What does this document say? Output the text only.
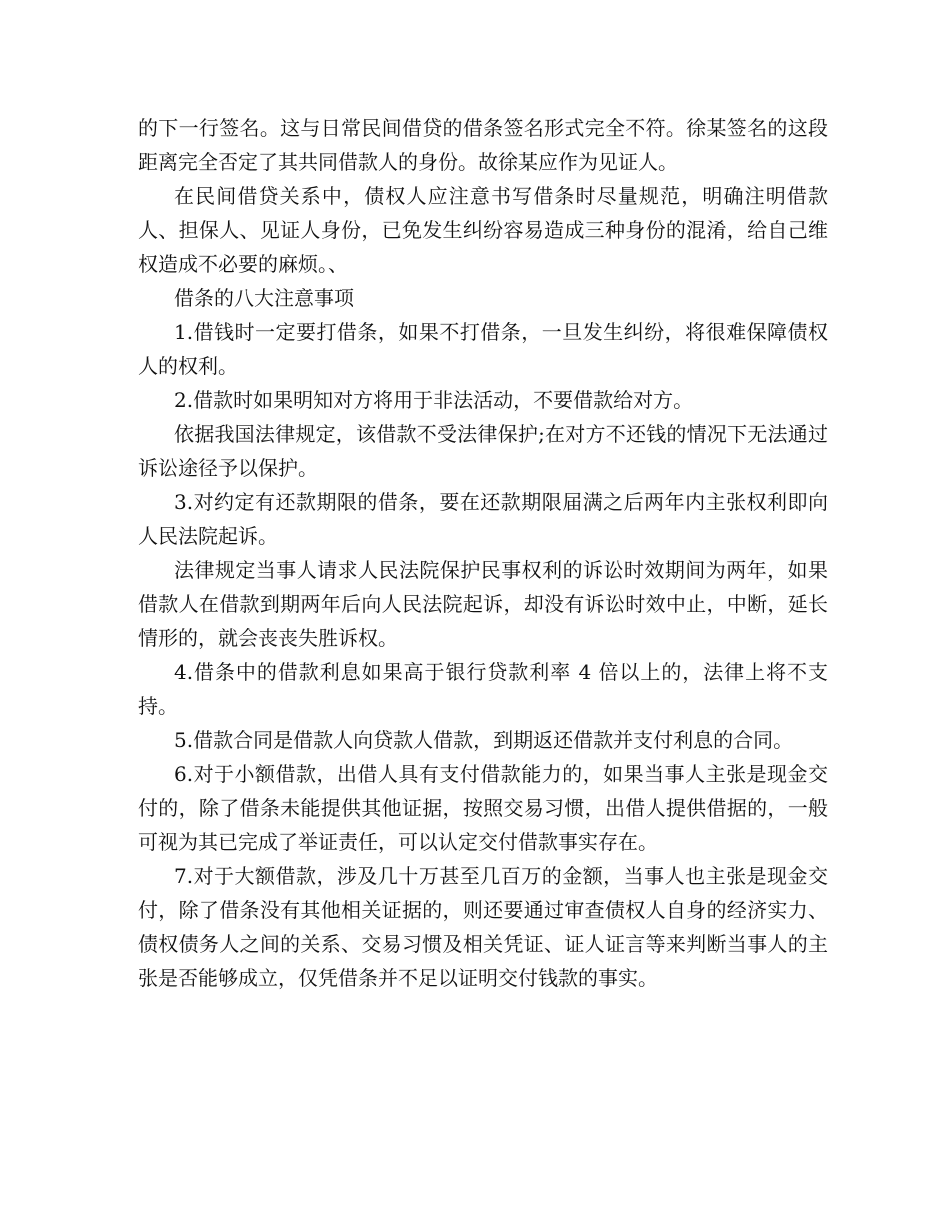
的下一行签名。这与日常民间借贷的借条签名形式完全不符。徐某签名的这段距离完全否定了其共同借款人的身份。故徐某应作为见证人。

在民间借贷关系中，债权人应注意书写借条时尽量规范，明确注明借款人、担保人、见证人身份，已免发生纠纷容易造成三种身份的混淆，给自己维权造成不必要的麻烦。、

借条的八大注意事项

1.借钱时一定要打借条，如果不打借条，一旦发生纠纷，将很难保障债权人的权利。

2.借款时如果明知对方将用于非法活动，不要借款给对方。

依据我国法律规定，该借款不受法律保护;在对方不还钱的情况下无法通过诉讼途径予以保护。

3.对约定有还款期限的借条，要在还款期限届满之后两年内主张权利即向人民法院起诉。

法律规定当事人请求人民法院保护民事权利的诉讼时效期间为两年，如果借款人在借款到期两年后向人民法院起诉，却没有诉讼时效中止，中断，延长情形的，就会丧丧失胜诉权。

4.借条中的借款利息如果高于银行贷款利率 4 倍以上的，法律上将不支持。

5.借款合同是借款人向贷款人借款，到期返还借款并支付利息的合同。

6.对于小额借款，出借人具有支付借款能力的，如果当事人主张是现金交付的，除了借条未能提供其他证据，按照交易习惯，出借人提供借据的，一般可视为其已完成了举证责任，可以认定交付借款事实存在。

7.对于大额借款，涉及几十万甚至几百万的金额，当事人也主张是现金交付，除了借条没有其他相关证据的，则还要通过审查债权人自身的经济实力、债权债务人之间的关系、交易习惯及相关凭证、证人证言等来判断当事人的主张是否能够成立，仅凭借条并不足以证明交付钱款的事实。
